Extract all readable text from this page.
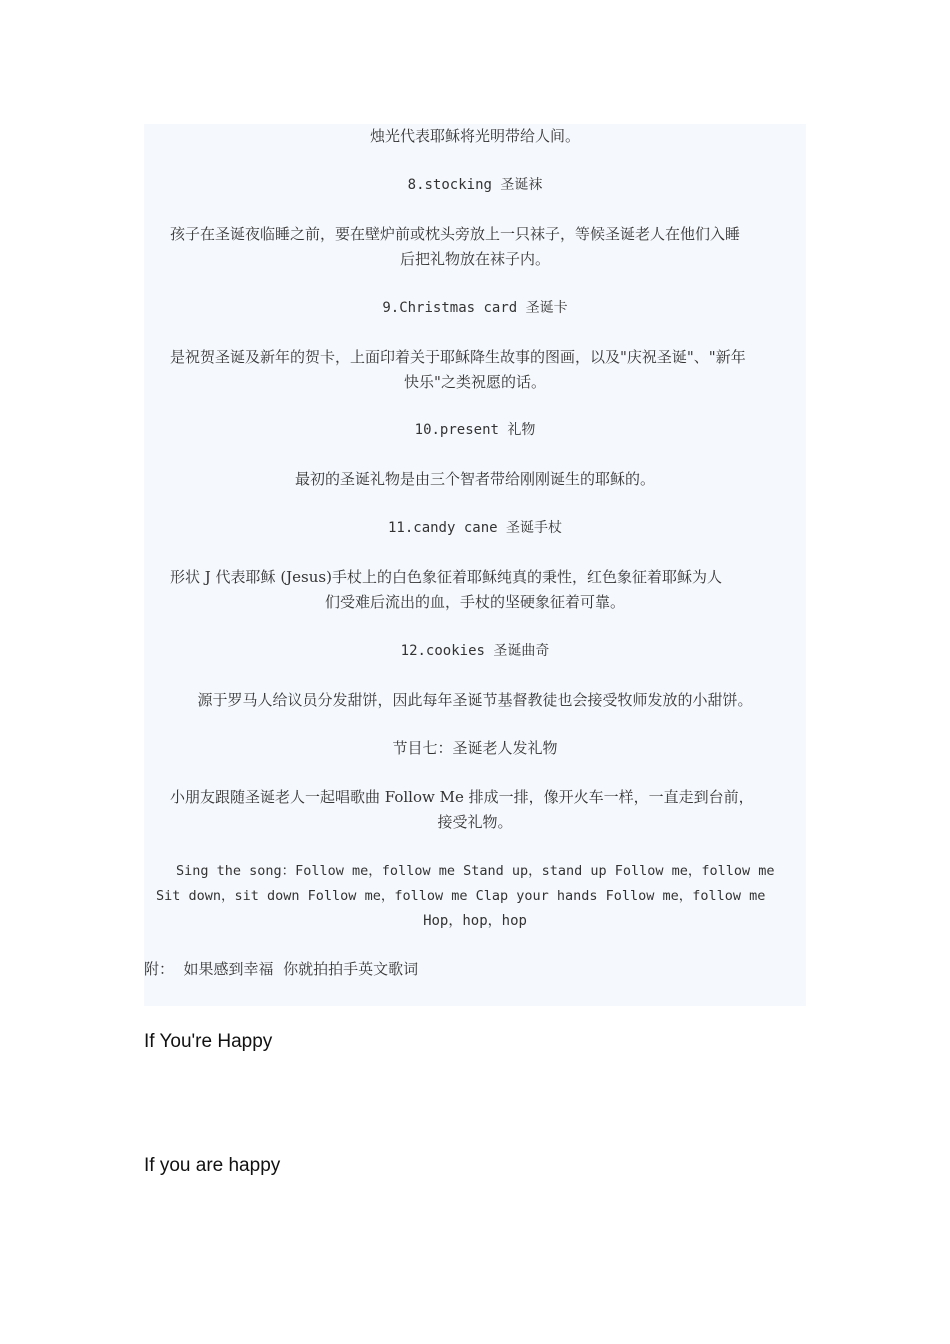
烛光代表耶稣将光明带给人间。
8.stocking 圣诞袜
孩子在圣诞夜临睡之前，要在壁炉前或枕头旁放上一只袜子，等候圣诞老人在他们入睡
后把礼物放在袜子内。
9.Christmas card 圣诞卡
是祝贺圣诞及新年的贺卡，上面印着关于耶稣降生故事的图画，以及"庆祝圣诞"、"新年
快乐"之类祝愿的话。
10.present 礼物
最初的圣诞礼物是由三个智者带给刚刚诞生的耶稣的。
11.candy cane 圣诞手杖
形状 J 代表耶稣 (Jesus)手杖上的白色象征着耶稣纯真的秉性，红色象征着耶稣为人
们受难后流出的血，手杖的坚硬象征着可靠。
12.cookies 圣诞曲奇
源于罗马人给议员分发甜饼，因此每年圣诞节基督教徒也会接受牧师发放的小甜饼。
节目七：圣诞老人发礼物
小朋友跟随圣诞老人一起唱歌曲 Follow Me 排成一排，像开火车一样，一直走到台前，
接受礼物。
Sing the song：Follow me，follow me Stand up，stand up Follow me，follow me
Sit down，sit down Follow me，follow me Clap your hands Follow me，follow me
Hop，hop，hop
附：  如果感到幸福  你就拍拍手英文歌词
If You're Happy
If you are happy
